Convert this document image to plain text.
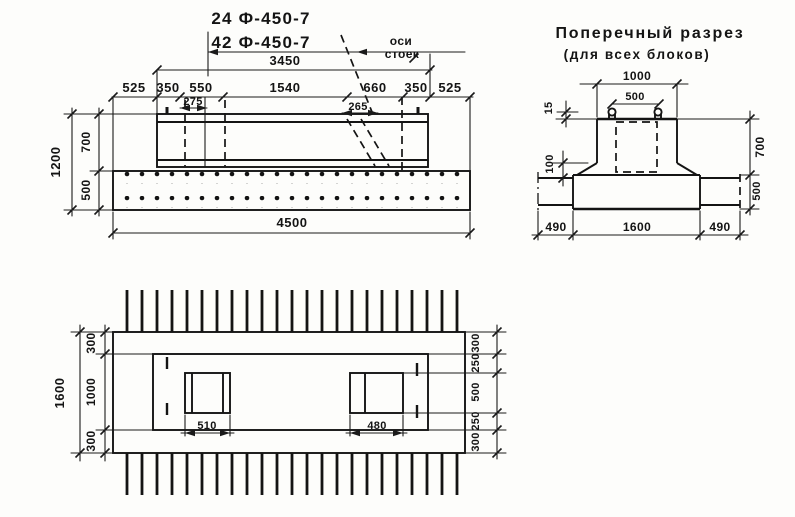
24 Ф-450-7
42 Ф-450-7	оси
стоек
3450
525 350 550	1540	660 350 525
275	265
4500
1200
700
500
Поперечный разрез
(для всех блоков)
1000
500
15
100
700
500
490	1600	490
1600
300
1000
300
300
250
500
250
300
510	480
